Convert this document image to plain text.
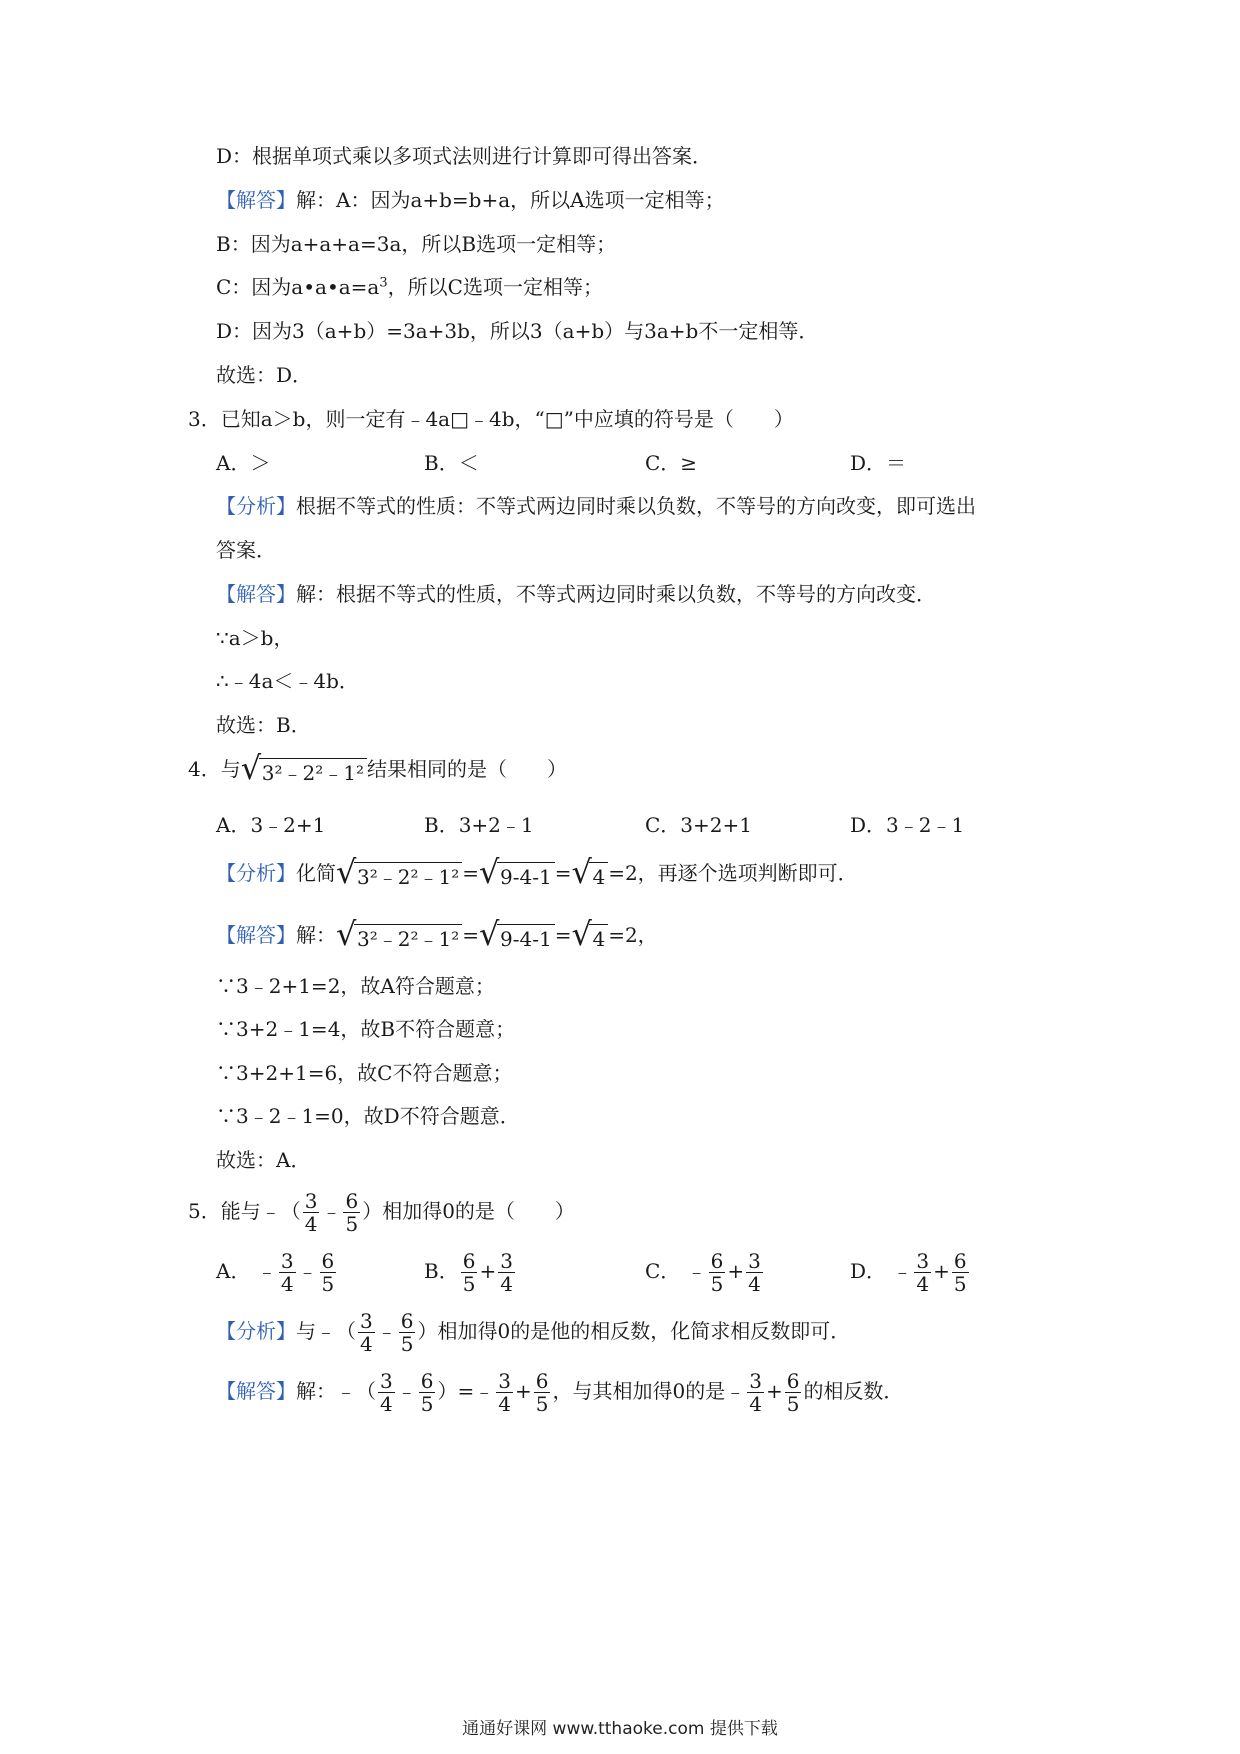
D：根据单项式乘以多项式法则进行计算即可得出答案．
【解答】解：A：因为a+b=b+a，所以A选项一定相等；
B：因为a+a+a=3a，所以B选项一定相等；
C：因为$a•a•a=a^3$，所以C选项一定相等；
D：因为3（a+b）=3a+3b，所以3（a+b）与3a+b不一定相等．
故选：D．
3．已知a＞b，则一定有﹣4a□﹣4b，“□”中应填的符号是（　　）
A．＞	B．＜	C．≥	D．＝
【分析】根据不等式的性质：不等式两边同时乘以负数，不等号的方向改变，即可选出
答案．
【解答】解：根据不等式的性质，不等式两边同时乘以负数，不等号的方向改变．
∵a＞b，
∴﹣4a＜﹣4b．
故选：B．
4．与 √ 3²﹣2²﹣1² 结果相同的是（　　）
A．3﹣2+1	B．3+2﹣1	C．3+2+1	D．3﹣2﹣1
【分析】化简 √ 3²﹣2²﹣1² = √ 9-4-1 = √ 4 =2，再逐个选项判断即可．
【解答】解： √ 3²﹣2²﹣1² = √ 9-4-1 = √ 4 =2，
∵3﹣2+1=2，故A符合题意；
∵3+2﹣1=4，故B不符合题意；
∵3+2+1=6，故C不符合题意；
∵3﹣2﹣1=0，故D不符合题意．
故选：A．
5．能与﹣（ $\frac{3}{4}$ ﹣ $\frac{6}{5}$ ）相加得0的是（　　）
A． ﹣ $\frac{3}{4}$ ﹣ $\frac{6}{5}$	B． $\frac{6}{5} + \frac{3}{4}$	C． ﹣ $\frac{6}{5} + \frac{3}{4}$	D． ﹣ $\frac{3}{4} + \frac{6}{5}$
【分析】与﹣（ $\frac{3}{4}$ ﹣ $\frac{6}{5}$ ）相加得0的是他的相反数，化简求相反数即可．
【解答】解：﹣（ $\frac{3}{4}$ ﹣ $\frac{6}{5}$ ）=﹣ $\frac{3}{4} + \frac{6}{5}$ ，与其相加得0的是﹣ $\frac{3}{4} + \frac{6}{5}$ 的相反数．
通通好课网 www.tthaoke.com 提供下载
